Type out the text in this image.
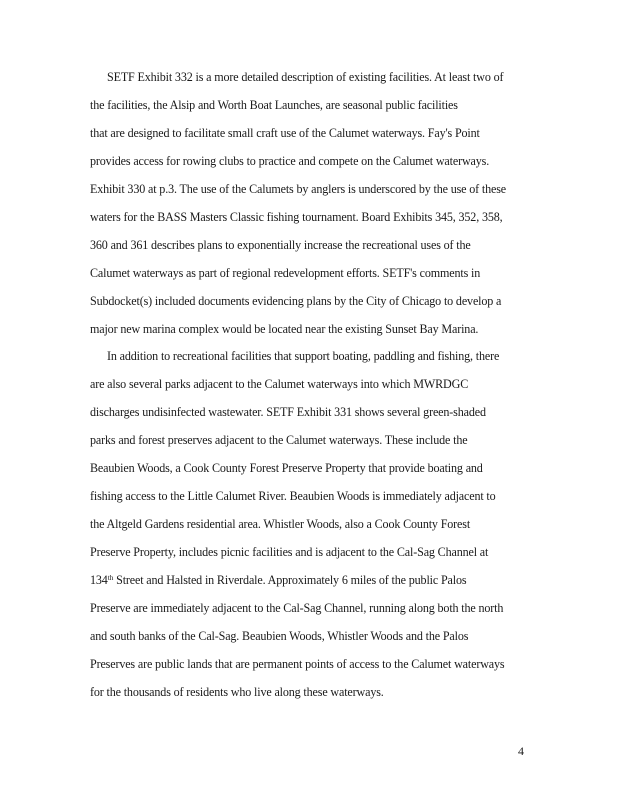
SETF Exhibit 332 is a more detailed description of existing facilities. At least two of
the facilities, the Alsip and Worth Boat Launches, are seasonal public facilities
that are designed to facilitate small craft use of the Calumet waterways. Fay's Point
provides access for rowing clubs to practice and compete on the Calumet waterways.
Exhibit 330 at p.3. The use of the Calumets by anglers is underscored by the use of these
waters for the BASS Masters Classic fishing tournament. Board Exhibits 345, 352, 358,
360 and 361 describes plans to exponentially increase the recreational uses of the
Calumet waterways as part of regional redevelopment efforts. SETF's comments in
Subdocket(s) included documents evidencing plans by the City of Chicago to develop a
major new marina complex would be located near the existing Sunset Bay Marina.
In addition to recreational facilities that support boating, paddling and fishing, there
are also several parks adjacent to the Calumet waterways into which MWRDGC
discharges undisinfected wastewater. SETF Exhibit 331 shows several green-shaded
parks and forest preserves adjacent to the Calumet waterways. These include the
Beaubien Woods, a Cook County Forest Preserve Property that provide boating and
fishing access to the Little Calumet River. Beaubien Woods is immediately adjacent to
the Altgeld Gardens residential area. Whistler Woods, also a Cook County Forest
Preserve Property, includes picnic facilities and is adjacent to the Cal-Sag Channel at
134th Street and Halsted in Riverdale. Approximately 6 miles of the public Palos
Preserve are immediately adjacent to the Cal-Sag Channel, running along both the north
and south banks of the Cal-Sag. Beaubien Woods, Whistler Woods and the Palos
Preserves are public lands that are permanent points of access to the Calumet waterways
for the thousands of residents who live along these waterways.
4
